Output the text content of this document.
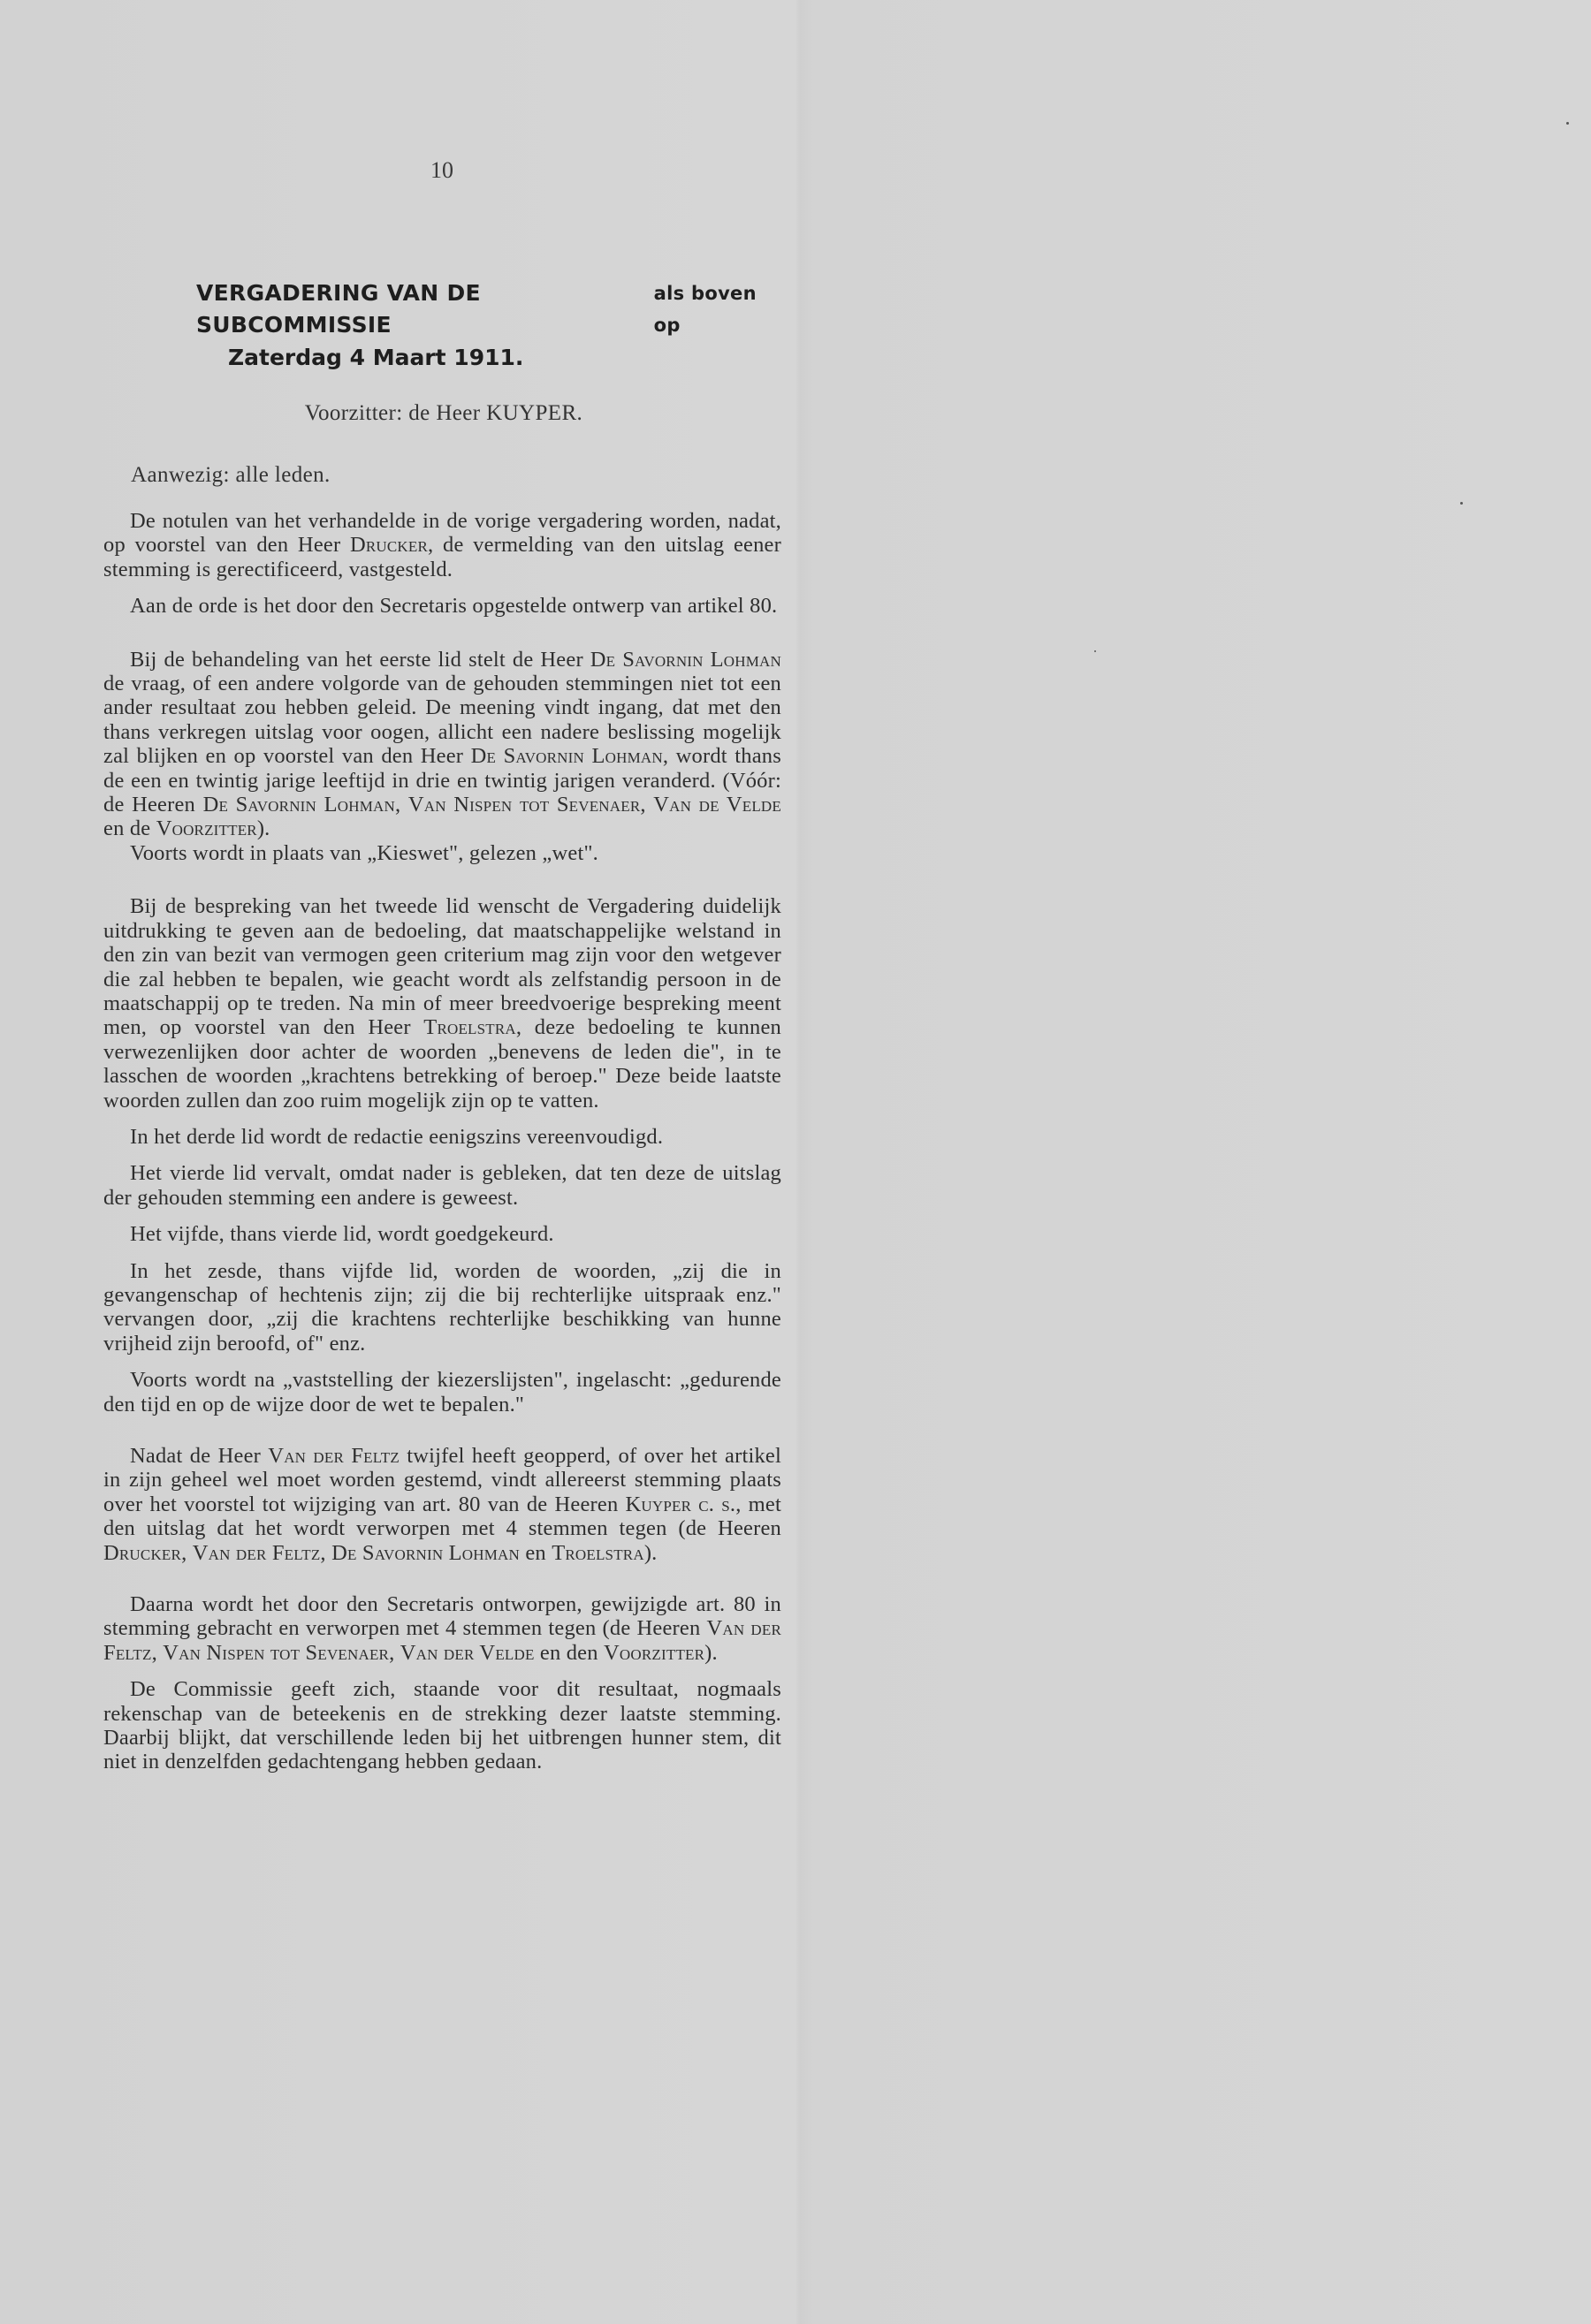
10
VERGADERING VAN DE SUBCOMMISSIE
als boven op
Zaterdag 4 Maart 1911.
Voorzitter: de Heer KUYPER.
Aanwezig: alle leden.

De notulen van het verhandelde in de vorige vergadering worden, nadat, op voorstel van den Heer Drucker, de vermelding van den uitslag eener stemming is gerectificeerd, vastgesteld.

Aan de orde is het door den Secretaris opgestelde ontwerp van artikel 80.

Bij de behandeling van het eerste lid stelt de Heer De Savornin Lohman de vraag, of een andere volgorde van de gehouden stemmingen niet tot een ander resultaat zou hebben geleid. De meening vindt ingang, dat met den thans verkregen uitslag voor oogen, allicht een nadere beslissing mogelijk zal blijken en op voorstel van den Heer De Savornin Lohman, wordt thans de een en twintig jarige leeftijd in drie en twintig jarigen veranderd. (Vóór: de Heeren De Savornin Lohman, Van Nispen tot Sevenaer, Van de Velde en de Voorzitter).

Voorts wordt in plaats van „Kieswet", gelezen „wet".

Bij de bespreking van het tweede lid wenscht de Vergadering duidelijk uitdrukking te geven aan de bedoeling, dat maatschappelijke welstand in den zin van bezit van vermogen geen criterium mag zijn voor den wetgever die zal hebben te bepalen, wie geacht wordt als zelfstandig persoon in de maatschappij op te treden. Na min of meer breedvoerige bespreking meent men, op voorstel van den Heer Troelstra, deze bedoeling te kunnen verwezenlijken door achter de woorden „benevens de leden die", in te lasschen de woorden „krachtens betrekking of beroep." Deze beide laatste woorden zullen dan zoo ruim mogelijk zijn op te vatten.

In het derde lid wordt de redactie eenigszins vereenvoudigd.

Het vierde lid vervalt, omdat nader is gebleken, dat ten deze de uitslag der gehouden stemming een andere is geweest.

Het vijfde, thans vierde lid, wordt goedgekeurd.

In het zesde, thans vijfde lid, worden de woorden, „zij die in gevangenschap of hechtenis zijn; zij die bij rechterlijke uitspraak enz." vervangen door, „zij die krachtens rechterlijke beschikking van hunne vrijheid zijn beroofd, of" enz.

Voorts wordt na „vaststelling der kiezerslijsten", ingelascht: „gedurende den tijd en op de wijze door de wet te bepalen."

Nadat de Heer Van der Feltz twijfel heeft geopperd, of over het artikel in zijn geheel wel moet worden gestemd, vindt allereerst stemming plaats over het voorstel tot wijziging van art. 80 van de Heeren Kuyper c. s., met den uitslag dat het wordt verworpen met 4 stemmen tegen (de Heeren Drucker, Van der Feltz, De Savornin Lohman en Troelstra).

Daarna wordt het door den Secretaris ontworpen, gewijzigde art. 80 in stemming gebracht en verworpen met 4 stemmen tegen (de Heeren Van der Feltz, Van Nispen tot Sevenaer, Van der Velde en den Voorzitter).

De Commissie geeft zich, staande voor dit resultaat, nogmaals rekenschap van de beteekenis en de strekking dezer laatste stemming. Daarbij blijkt, dat verschillende leden bij het uitbrengen hunner stem, dit niet in denzelfden gedachtengang hebben gedaan.
